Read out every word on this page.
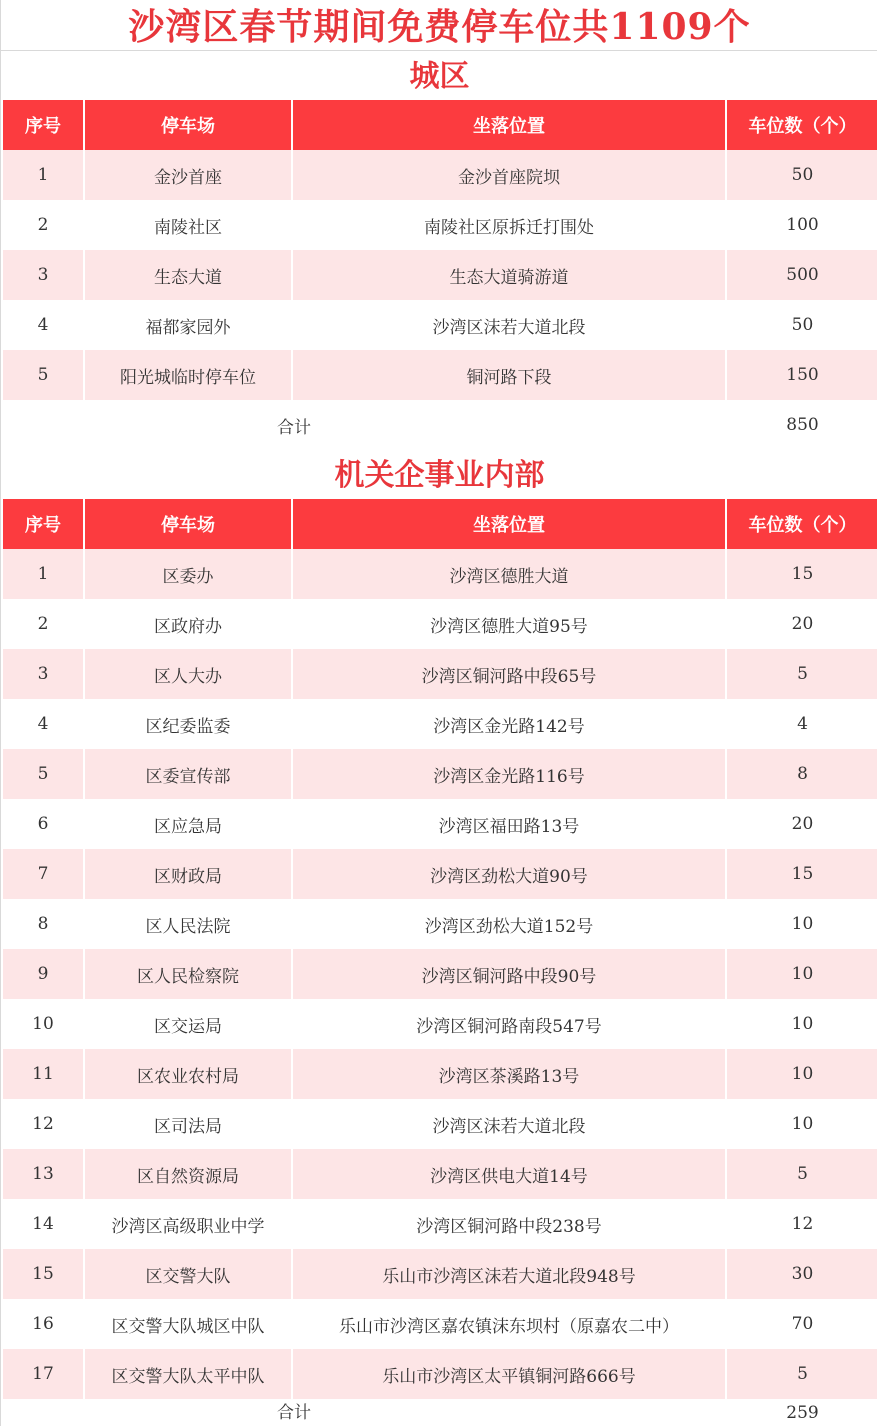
沙湾区春节期间免费停车位共1109个
城区
序号	停车场	坐落位置	车位数（个）
1	金沙首座	金沙首座院坝	50
2	南陵社区	南陵社区原拆迁打围处	100
3	生态大道	生态大道骑游道	500
4	福都家园外	沙湾区沫若大道北段	50
5	阳光城临时停车位	铜河路下段	150
合计			850
机关企事业内部
序号	停车场	坐落位置	车位数（个）
1	区委办	沙湾区德胜大道	15
2	区政府办	沙湾区德胜大道95号	20
3	区人大办	沙湾区铜河路中段65号	5
4	区纪委监委	沙湾区金光路142号	4
5	区委宣传部	沙湾区金光路116号	8
6	区应急局	沙湾区福田路13号	20
7	区财政局	沙湾区劲松大道90号	15
8	区人民法院	沙湾区劲松大道152号	10
9	区人民检察院	沙湾区铜河路中段90号	10
10	区交运局	沙湾区铜河路南段547号	10
11	区农业农村局	沙湾区茶溪路13号	10
12	区司法局	沙湾区沫若大道北段	10
13	区自然资源局	沙湾区供电大道14号	5
14	沙湾区高级职业中学	沙湾区铜河路中段238号	12
15	区交警大队	乐山市沙湾区沫若大道北段948号	30
16	区交警大队城区中队	乐山市沙湾区嘉农镇沫东坝村（原嘉农二中）	70
17	区交警大队太平中队	乐山市沙湾区太平镇铜河路666号	5
合计			259
